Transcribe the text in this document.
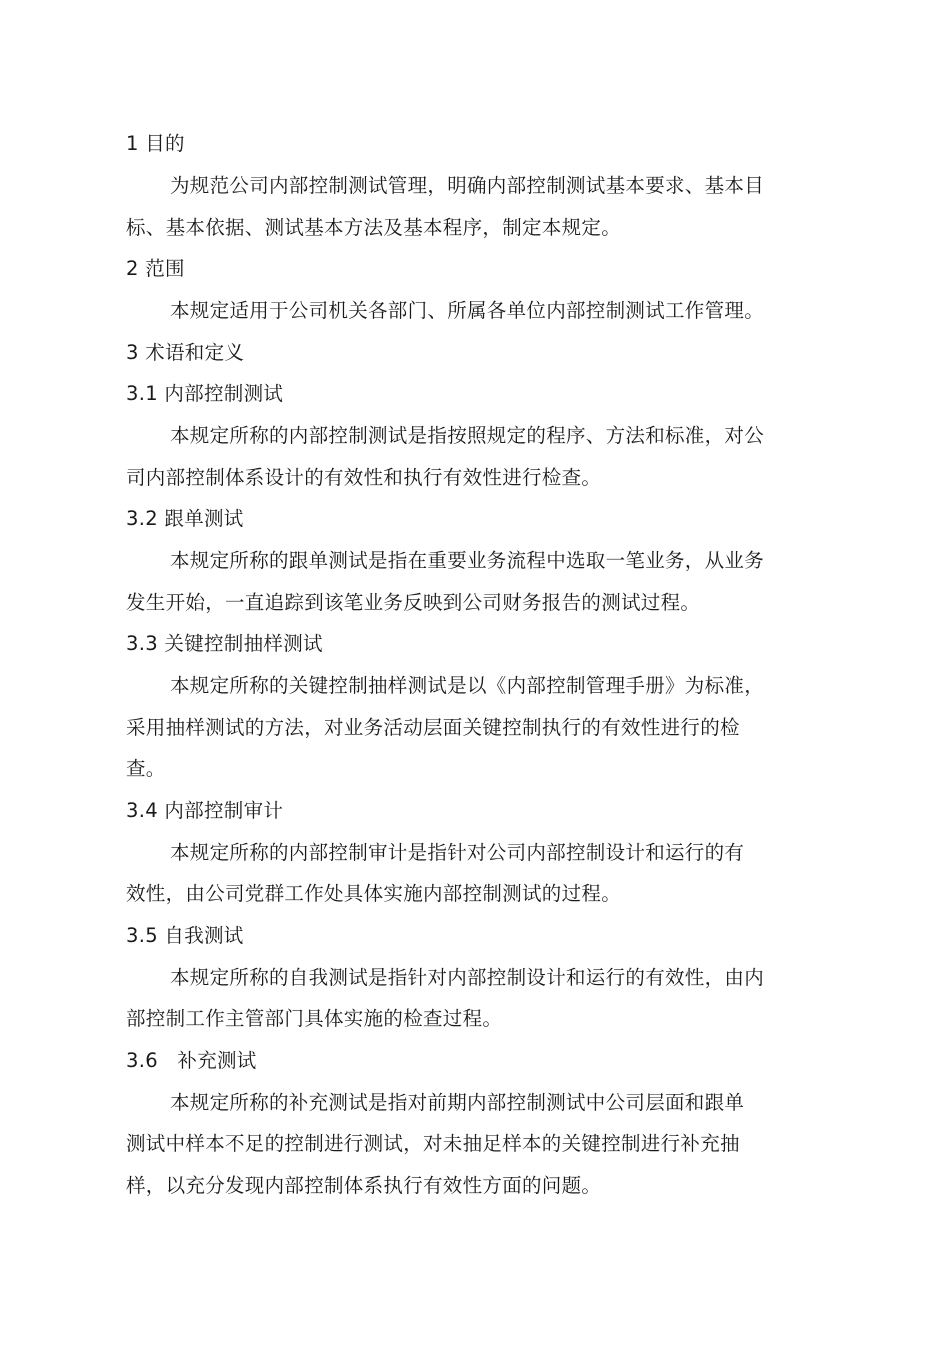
1 目的
为规范公司内部控制测试管理，明确内部控制测试基本要求、基本目
标、基本依据、测试基本方法及基本程序，制定本规定。
2 范围
本规定适用于公司机关各部门、所属各单位内部控制测试工作管理。
3 术语和定义
3.1 内部控制测试
本规定所称的内部控制测试是指按照规定的程序、方法和标准，对公
司内部控制体系设计的有效性和执行有效性进行检查。
3.2 跟单测试
本规定所称的跟单测试是指在重要业务流程中选取一笔业务，从业务
发生开始，一直追踪到该笔业务反映到公司财务报告的测试过程。
3.3 关键控制抽样测试
本规定所称的关键控制抽样测试是以《内部控制管理手册》为标准，
采用抽样测试的方法，对业务活动层面关键控制执行的有效性进行的检
查。
3.4 内部控制审计
本规定所称的内部控制审计是指针对公司内部控制设计和运行的有
效性，由公司党群工作处具体实施内部控制测试的过程。
3.5 自我测试
本规定所称的自我测试是指针对内部控制设计和运行的有效性，由内
部控制工作主管部门具体实施的检查过程。
3.6   补充测试
本规定所称的补充测试是指对前期内部控制测试中公司层面和跟单
测试中样本不足的控制进行测试，对未抽足样本的关键控制进行补充抽
样，以充分发现内部控制体系执行有效性方面的问题。
